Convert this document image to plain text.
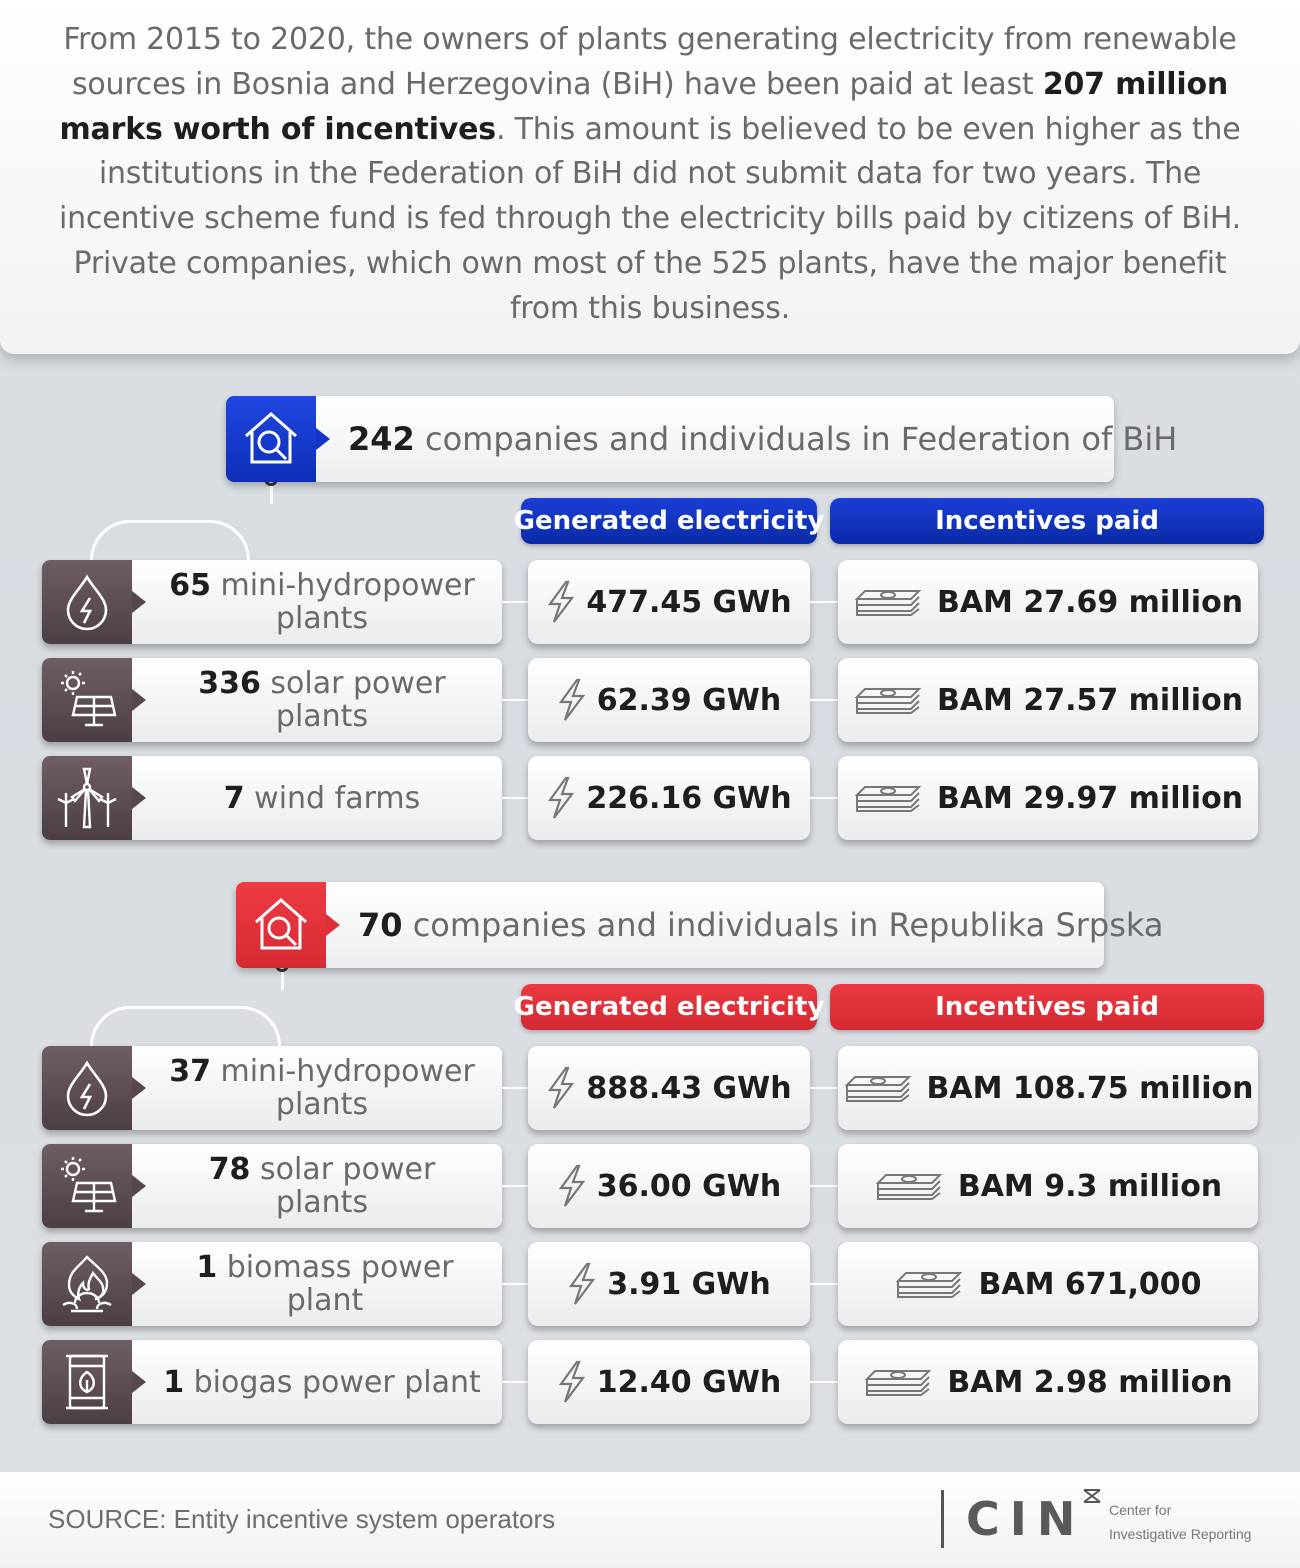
From 2015 to 2020, the owners of plants generating electricity from renewable sources in Bosnia and Herzegovina (BiH) have been paid at least 207 million marks worth of incentives. This amount is believed to be even higher as the institutions in the Federation of BiH did not submit data for two years. The incentive scheme fund is fed through the electricity bills paid by citizens of BiH. Private companies, which own most of the 525 plants, have the major benefit from this business.
242 companies and individuals in Federation of BiH
Generated electricity	Incentives paid
65 mini-hydropower
plants	477.45 GWh	BAM 27.69 million
336 solar power
plants	62.39 GWh	BAM 27.57 million
7 wind farms	226.16 GWh	BAM 29.97 million
70 companies and individuals in Republika Srpska
Generated electricity	Incentives paid
37 mini-hydropower
plants	888.43 GWh	BAM 108.75 million
78 solar power
plants	36.00 GWh	BAM 9.3 million
1 biomass power plant	3.91 GWh	BAM 671,000
1 biogas power plant	12.40 GWh	BAM 2.98 million
SOURCE: Entity incentive system operators	CIN Center for
Investigative Reporting
